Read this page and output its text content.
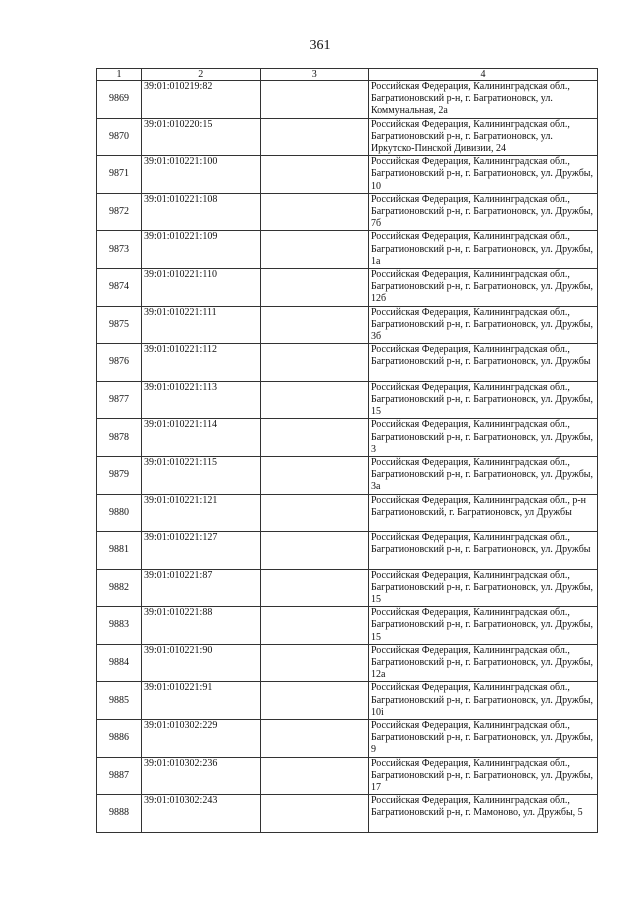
361
1	2	3	4
9869	39:01:010219:82		Российская Федерация, Калининградская обл., Багратионовский р-н, г. Багратионовск, ул. Коммунальная, 2а
9870	39:01:010220:15		Российская Федерация, Калининградская обл., Багратионовский р-н, г. Багратионовск, ул. Иркутско-Пинской Дивизии, 24
9871	39:01:010221:100		Российская Федерация, Калининградская обл., Багратионовский р-н, г. Багратионовск, ул. Дружбы, 10
9872	39:01:010221:108		Российская Федерация, Калининградская обл., Багратионовский р-н, г. Багратионовск, ул. Дружбы, 7б
9873	39:01:010221:109		Российская Федерация, Калининградская обл., Багратионовский р-н, г. Багратионовск, ул. Дружбы, 1а
9874	39:01:010221:110		Российская Федерация, Калининградская обл., Багратионовский р-н, г. Багратионовск, ул. Дружбы, 12б
9875	39:01:010221:111		Российская Федерация, Калининградская обл., Багратионовский р-н, г. Багратионовск, ул. Дружбы, 3б
9876	39:01:010221:112		Российская Федерация, Калининградская обл., Багратионовский р-н, г. Багратионовск, ул. Дружбы
9877	39:01:010221:113		Российская Федерация, Калининградская обл., Багратионовский р-н, г. Багратионовск, ул. Дружбы, 15
9878	39:01:010221:114		Российская Федерация, Калининградская обл., Багратионовский р-н, г. Багратионовск, ул. Дружбы, 3
9879	39:01:010221:115		Российская Федерация, Калининградская обл., Багратионовский р-н, г. Багратионовск, ул. Дружбы, 3а
9880	39:01:010221:121		Российская Федерация, Калининградская обл., р-н Багратионовский, г. Багратионовск, ул Дружбы
9881	39:01:010221:127		Российская Федерация, Калининградская обл., Багратионовский р-н, г. Багратионовск, ул. Дружбы
9882	39:01:010221:87		Российская Федерация, Калининградская обл., Багратионовский р-н, г. Багратионовск, ул. Дружбы, 15
9883	39:01:010221:88		Российская Федерация, Калининградская обл., Багратионовский р-н, г. Багратионовск, ул. Дружбы, 15
9884	39:01:010221:90		Российская Федерация, Калининградская обл., Багратионовский р-н, г. Багратионовск, ул. Дружбы, 12а
9885	39:01:010221:91		Российская Федерация, Калининградская обл., Багратионовский р-н, г. Багратионовск, ул. Дружбы, 10і
9886	39:01:010302:229		Российская Федерация, Калининградская обл., Багратионовский р-н, г. Багратионовск, ул. Дружбы, 9
9887	39:01:010302:236		Российская Федерация, Калининградская обл., Багратионовский р-н, г. Багратионовск, ул. Дружбы, 17
9888	39:01:010302:243		Российская Федерация, Калининградская обл., Багратионовский р-н, г. Мамоново, ул. Дружбы, 5
